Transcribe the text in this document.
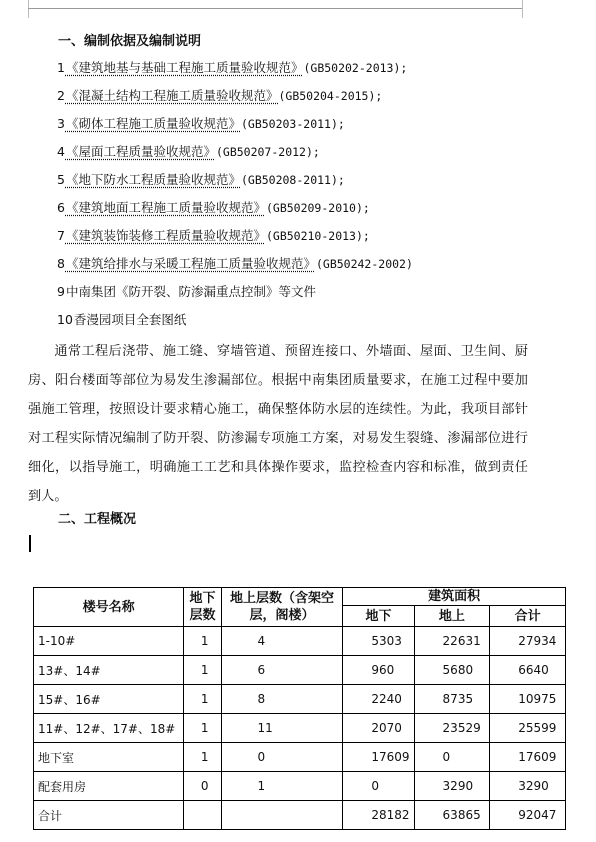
一、编制依据及编制说明
1《建筑地基与基础工程施工质量验收规范》(GB50202-2013);
2《混凝土结构工程施工质量验收规范》(GB50204-2015);
3《砌体工程施工质量验收规范》(GB50203-2011);
4《屋面工程质量验收规范》(GB50207-2012);
5《地下防水工程质量验收规范》(GB50208-2011);
6《建筑地面工程施工质量验收规范》(GB50209-2010);
7《建筑装饰装修工程质量验收规范》(GB50210-2013);
8《建筑给排水与采暖工程施工质量验收规范》(GB50242-2002)
9中南集团《防开裂、防渗漏重点控制》等文件
10香漫园项目全套图纸

通常工程后浇带、施工缝、穿墙管道、预留连接口、外墙面、屋面、卫生间、厨房、阳台楼面等部位为易发生渗漏部位。根据中南集团质量要求，在施工过程中要加强施工管理，按照设计要求精心施工，确保整体防水层的连续性。为此，我项目部针对工程实际情况编制了防开裂、防渗漏专项施工方案，对易发生裂缝、渗漏部位进行细化，以指导施工，明确施工工艺和具体操作要求，监控检查内容和标准，做到责任到人。

二、工程概况
楼号名称	地下层数	地上层数（含架空层，阁楼）	建筑面积		
			地下	地上	合计
1-10#	1	4	5303	22631	27934
13#、14#	1	6	960	5680	6640
15#、16#	1	8	2240	8735	10975
11#、12#、17#、18#	1	11	2070	23529	25599
地下室	1	0	17609	0	17609
配套用房	0	1	0	3290	3290
合计			28182	63865	92047
